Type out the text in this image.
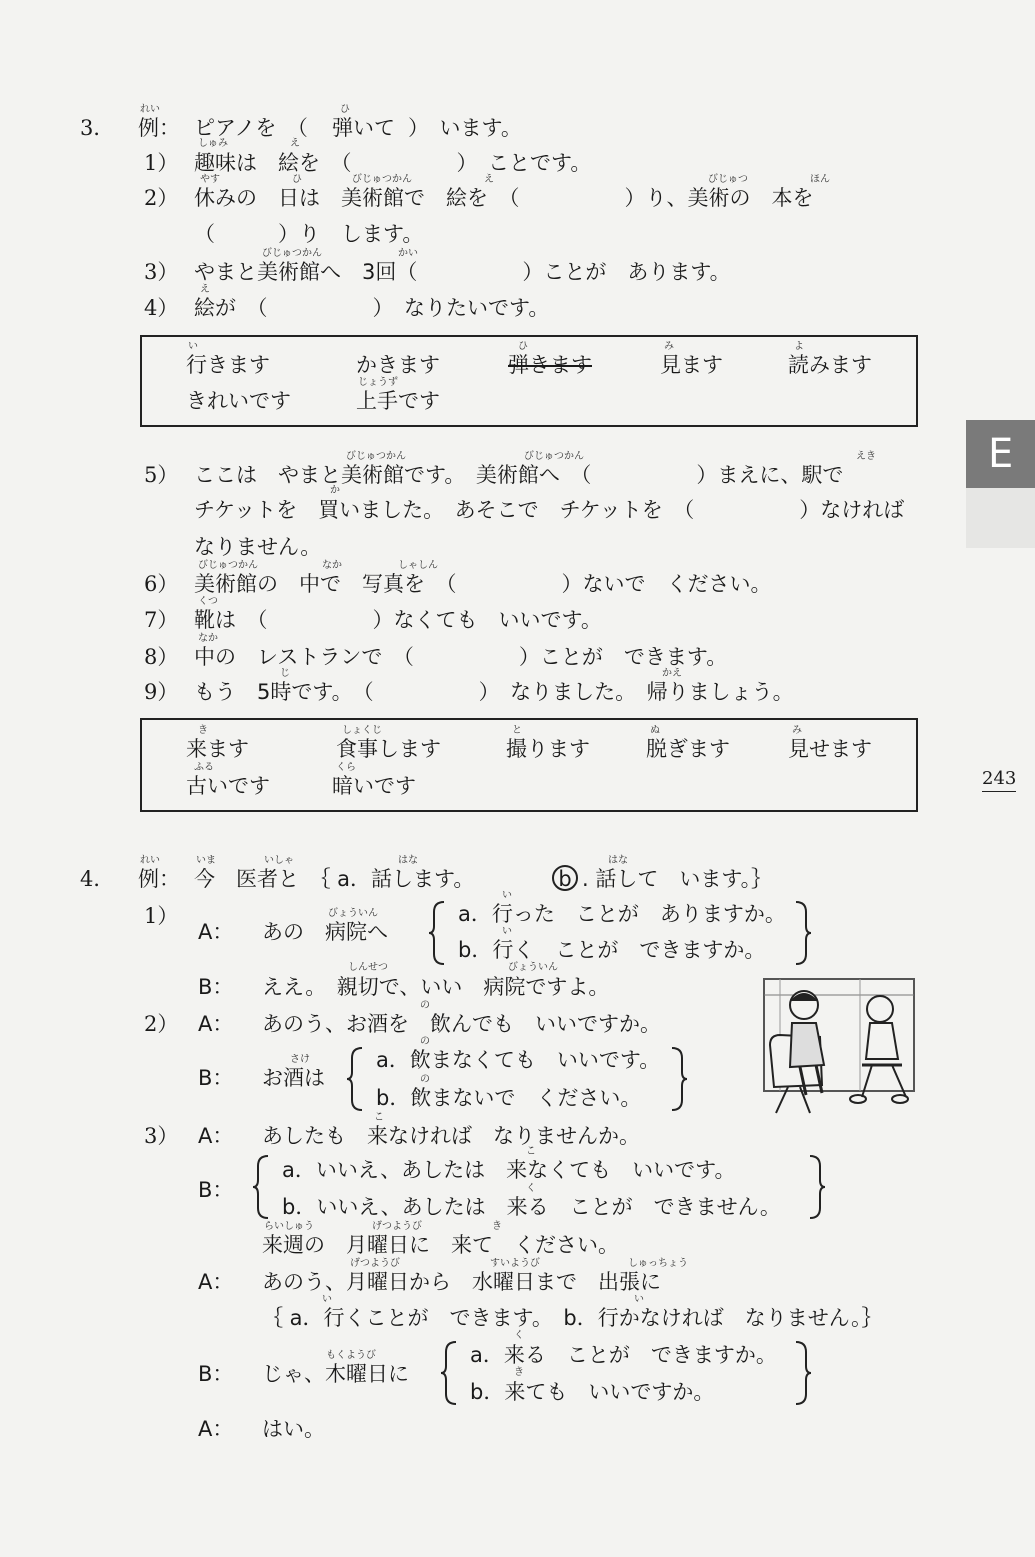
E
243
3．
れい
例： ピアノを　（
ひ
弾いて ）　います。
しゅみ	え
1） 趣味は　絵を　（　　　　　）　ことです。
やす	ひ	びじゅつかん	え	びじゅつ	ほん
2） 休みの　日は　美術館で　絵を　（　　　　　）り、美術の　本を
（　　　）り　します。
びじゅつかん	かい
3） やまと美術館へ　3回（　　　　　）ことが　あります。
え
4） 絵が　（　　　　　）　なりたいです。
い	ひ	み	よ
行きます	かきます	弾きます	見ます	読みます
じょうず
きれいです	上手です
びじゅつかん	びじゅつかん	えき
5） ここは　やまと美術館です。　美術館へ　（　　　　　）まえに、駅で
か
チケットを　買いました。　あそこで　チケットを　（　　　　　）なければ
なりません。
びじゅつかん	なか	しゃしん
6） 美術館の　中で　写真を　（　　　　　）ないで　ください。
くつ
7） 靴は　（　　　　　）なくても　いいです。
なか
8） 中の　レストランで　（　　　　　）ことが　できます。
じ	かえ
9） もう　5時です。　（　　　　　）　なりました。　帰りましょう。
き	しょくじ	と	ぬ	み
来ます	食事します	撮ります	脱ぎます	見せます
ふる	くら
古いです	暗いです
れい	いま	いしゃ	はな	はな
4． 例： 今　医者と　｛ a．話します。	b . 話して　います。｝
1）	びょういん
A： あの　病院へ
い
a．行った　ことが　ありますか。
い
b．行く　ことが　できますか。
しんせつ	びょういん
B： ええ。　親切で、いい　病院ですよ。
2）
の
A： あのう、お酒を　飲んでも　いいですか。
さけ
B： お酒は
の
a．飲まなくても　いいです。
の
b．飲まないで　ください。
3）
こ
A： あしたも　来なければ　なりませんか。
B：
こ
a．いいえ、あしたは　来なくても　いいです。
く
b．いいえ、あしたは　来る　ことが　できません。
らいしゅう	げつようび	き
来週の　月曜日に　来て　ください。
げつようび	すいようび	しゅっちょう
A： あのう、月曜日から　水曜日まで　出張に
い	い
｛ a．行くことが　できます。　b．行かなければ　なりません。｝
もくようび
B： じゃ、木曜日に
く
a．来る　ことが　できますか。
き
b．来ても　いいですか。
A： はい。
